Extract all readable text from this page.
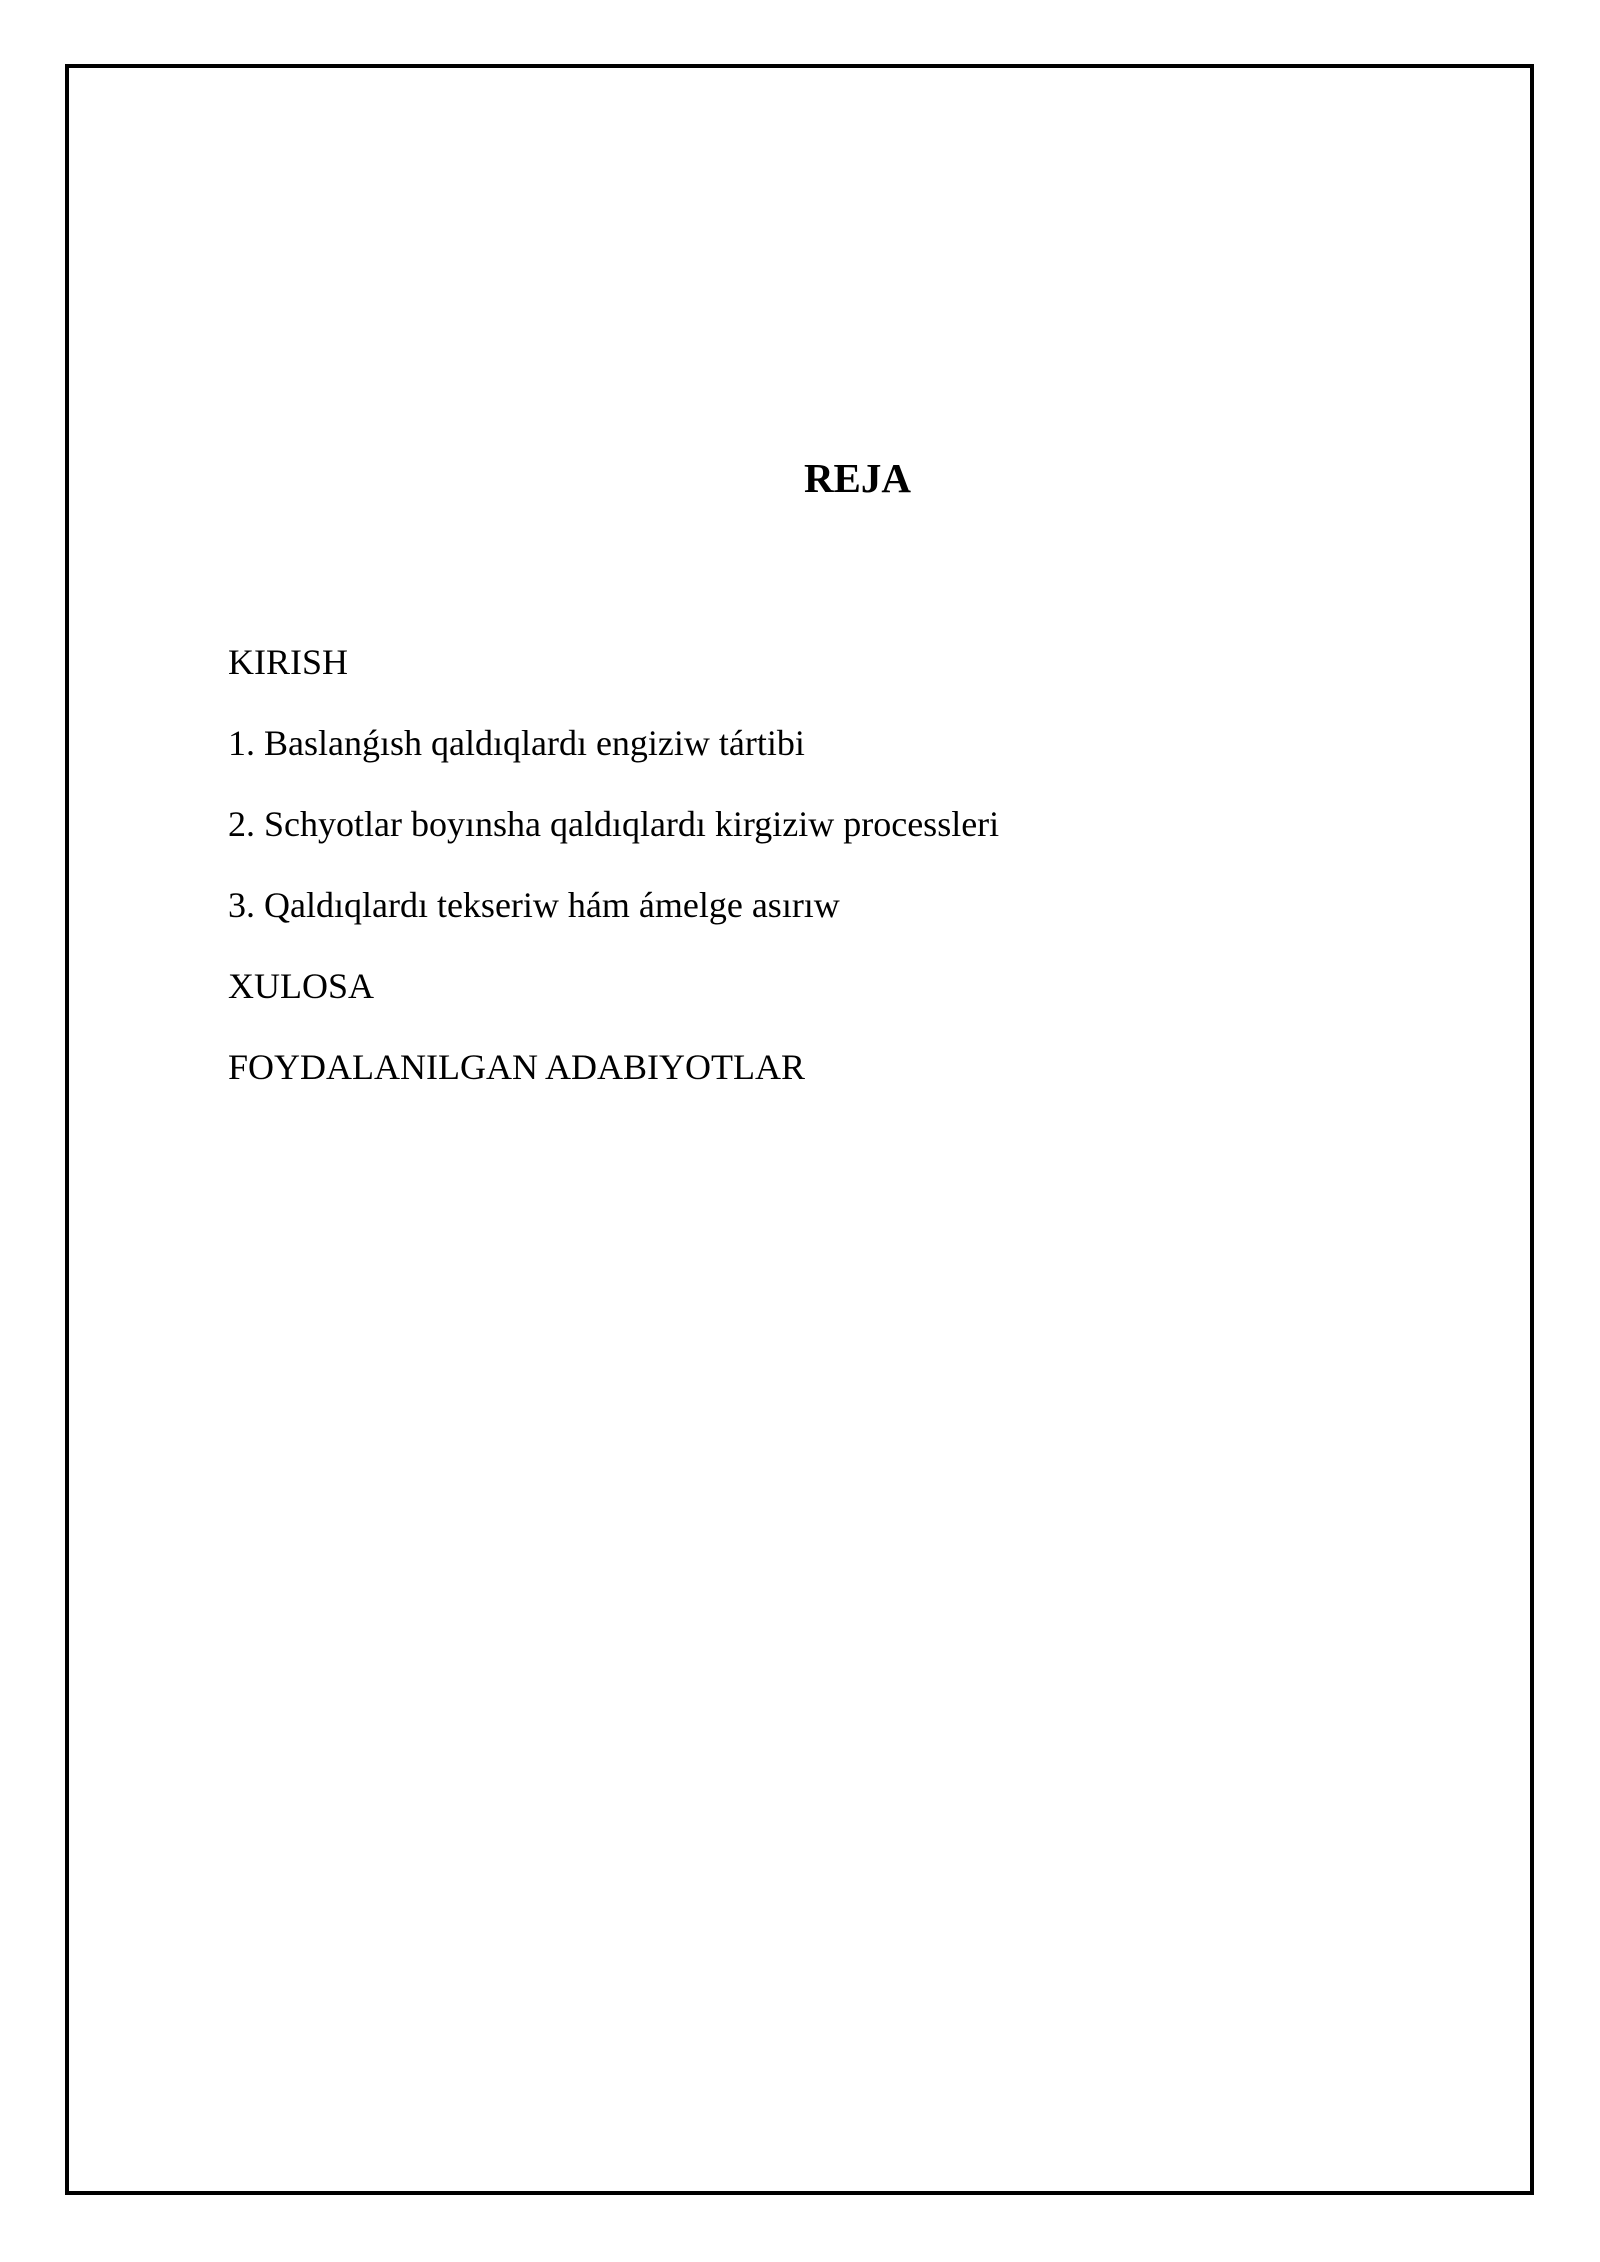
REJA
KIRISH
1. Baslanǵısh qaldıqlardı engiziw tártibi
2. Schyotlar boyınsha qaldıqlardı kirgiziw processleri
3. Qaldıqlardı tekseriw hám ámelge asırıw
XULOSA
FOYDALANILGAN ADABIYOTLAR
